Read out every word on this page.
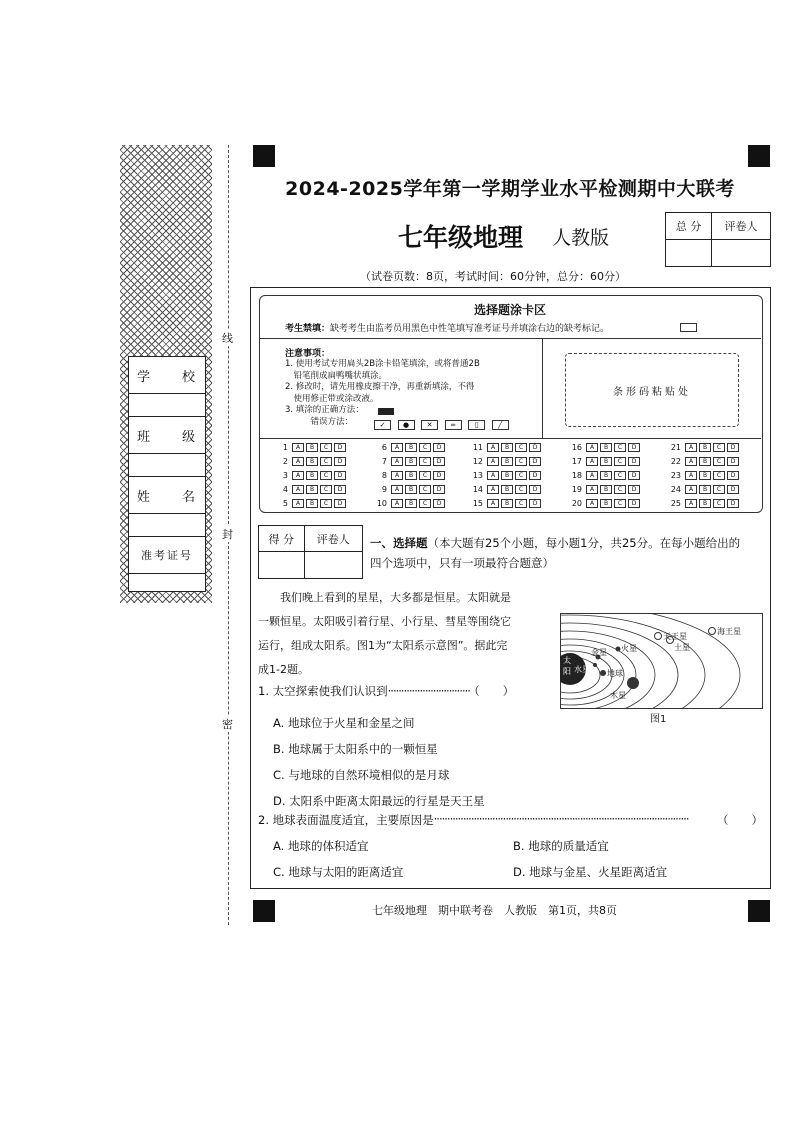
学　　校
班　　级
姓　　名
准考证号
线
封
密
2024-2025学年第一学期学业水平检测期中大联考
七年级地理 人教版
（试卷页数：8页，考试时间：60分钟，总分：60分）
总 分	评卷人

选择题涂卡区
考生禁填：缺考考生由监考员用黑色中性笔填写准考证号并填涂右边的缺考标记。
注意事项：
1. 使用考试专用扁头2B涂卡铅笔填涂，或将普通2B
　铅笔削成扁鸭嘴状填涂。
2. 修改时，请先用橡皮擦干净，再重新填涂，不得
　使用修正带或涂改液。
3. 填涂的正确方法：
　　　错误方法：	✓	●	✕	═	▯	╱
条形码粘贴处
1 A B C D
2 A B C D
3 A B C D
4 A B C D
5 A B C D
6 A B C D
7 A B C D
8 A B C D
9 A B C D
10 A B C D
11 A B C D
12 A B C D
13 A B C D
14 A B C D
15 A B C D
16 A B C D
17 A B C D
18 A B C D
19 A B C D
20 A B C D
21 A B C D
22 A B C D
23 A B C D
24 A B C D
25 A B C D
得 分	评卷人
	一、选择题（本大题有25个小题，每小题1分，共25分。在每小题给出的
四个选项中，只有一项最符合题意）
我们晚上看到的星星，大多都是恒星。太阳就是
一颗恒星。太阳吸引着行星、小行星、彗星等围绕它
运行，组成太阳系。图1为“太阳系示意图”。据此完
成1-2题。
太
阳 水星
金星
地球
火星
木星
土星
天王星
海王星
图1
1. 太空探索使我们认识到······························· （　　）
A. 地球位于火星和金星之间
B. 地球属于太阳系中的一颗恒星
C. 与地球的自然环境相似的是月球
D. 太阳系中距离太阳最远的行星是天王星
2. 地球表面温度适宜，主要原因是 ································································································	（　　）
A. 地球的体积适宜	B. 地球的质量适宜
C. 地球与太阳的距离适宜	D. 地球与金星、火星距离适宜
七年级地理　期中联考卷　人教版　第1页，共8页
